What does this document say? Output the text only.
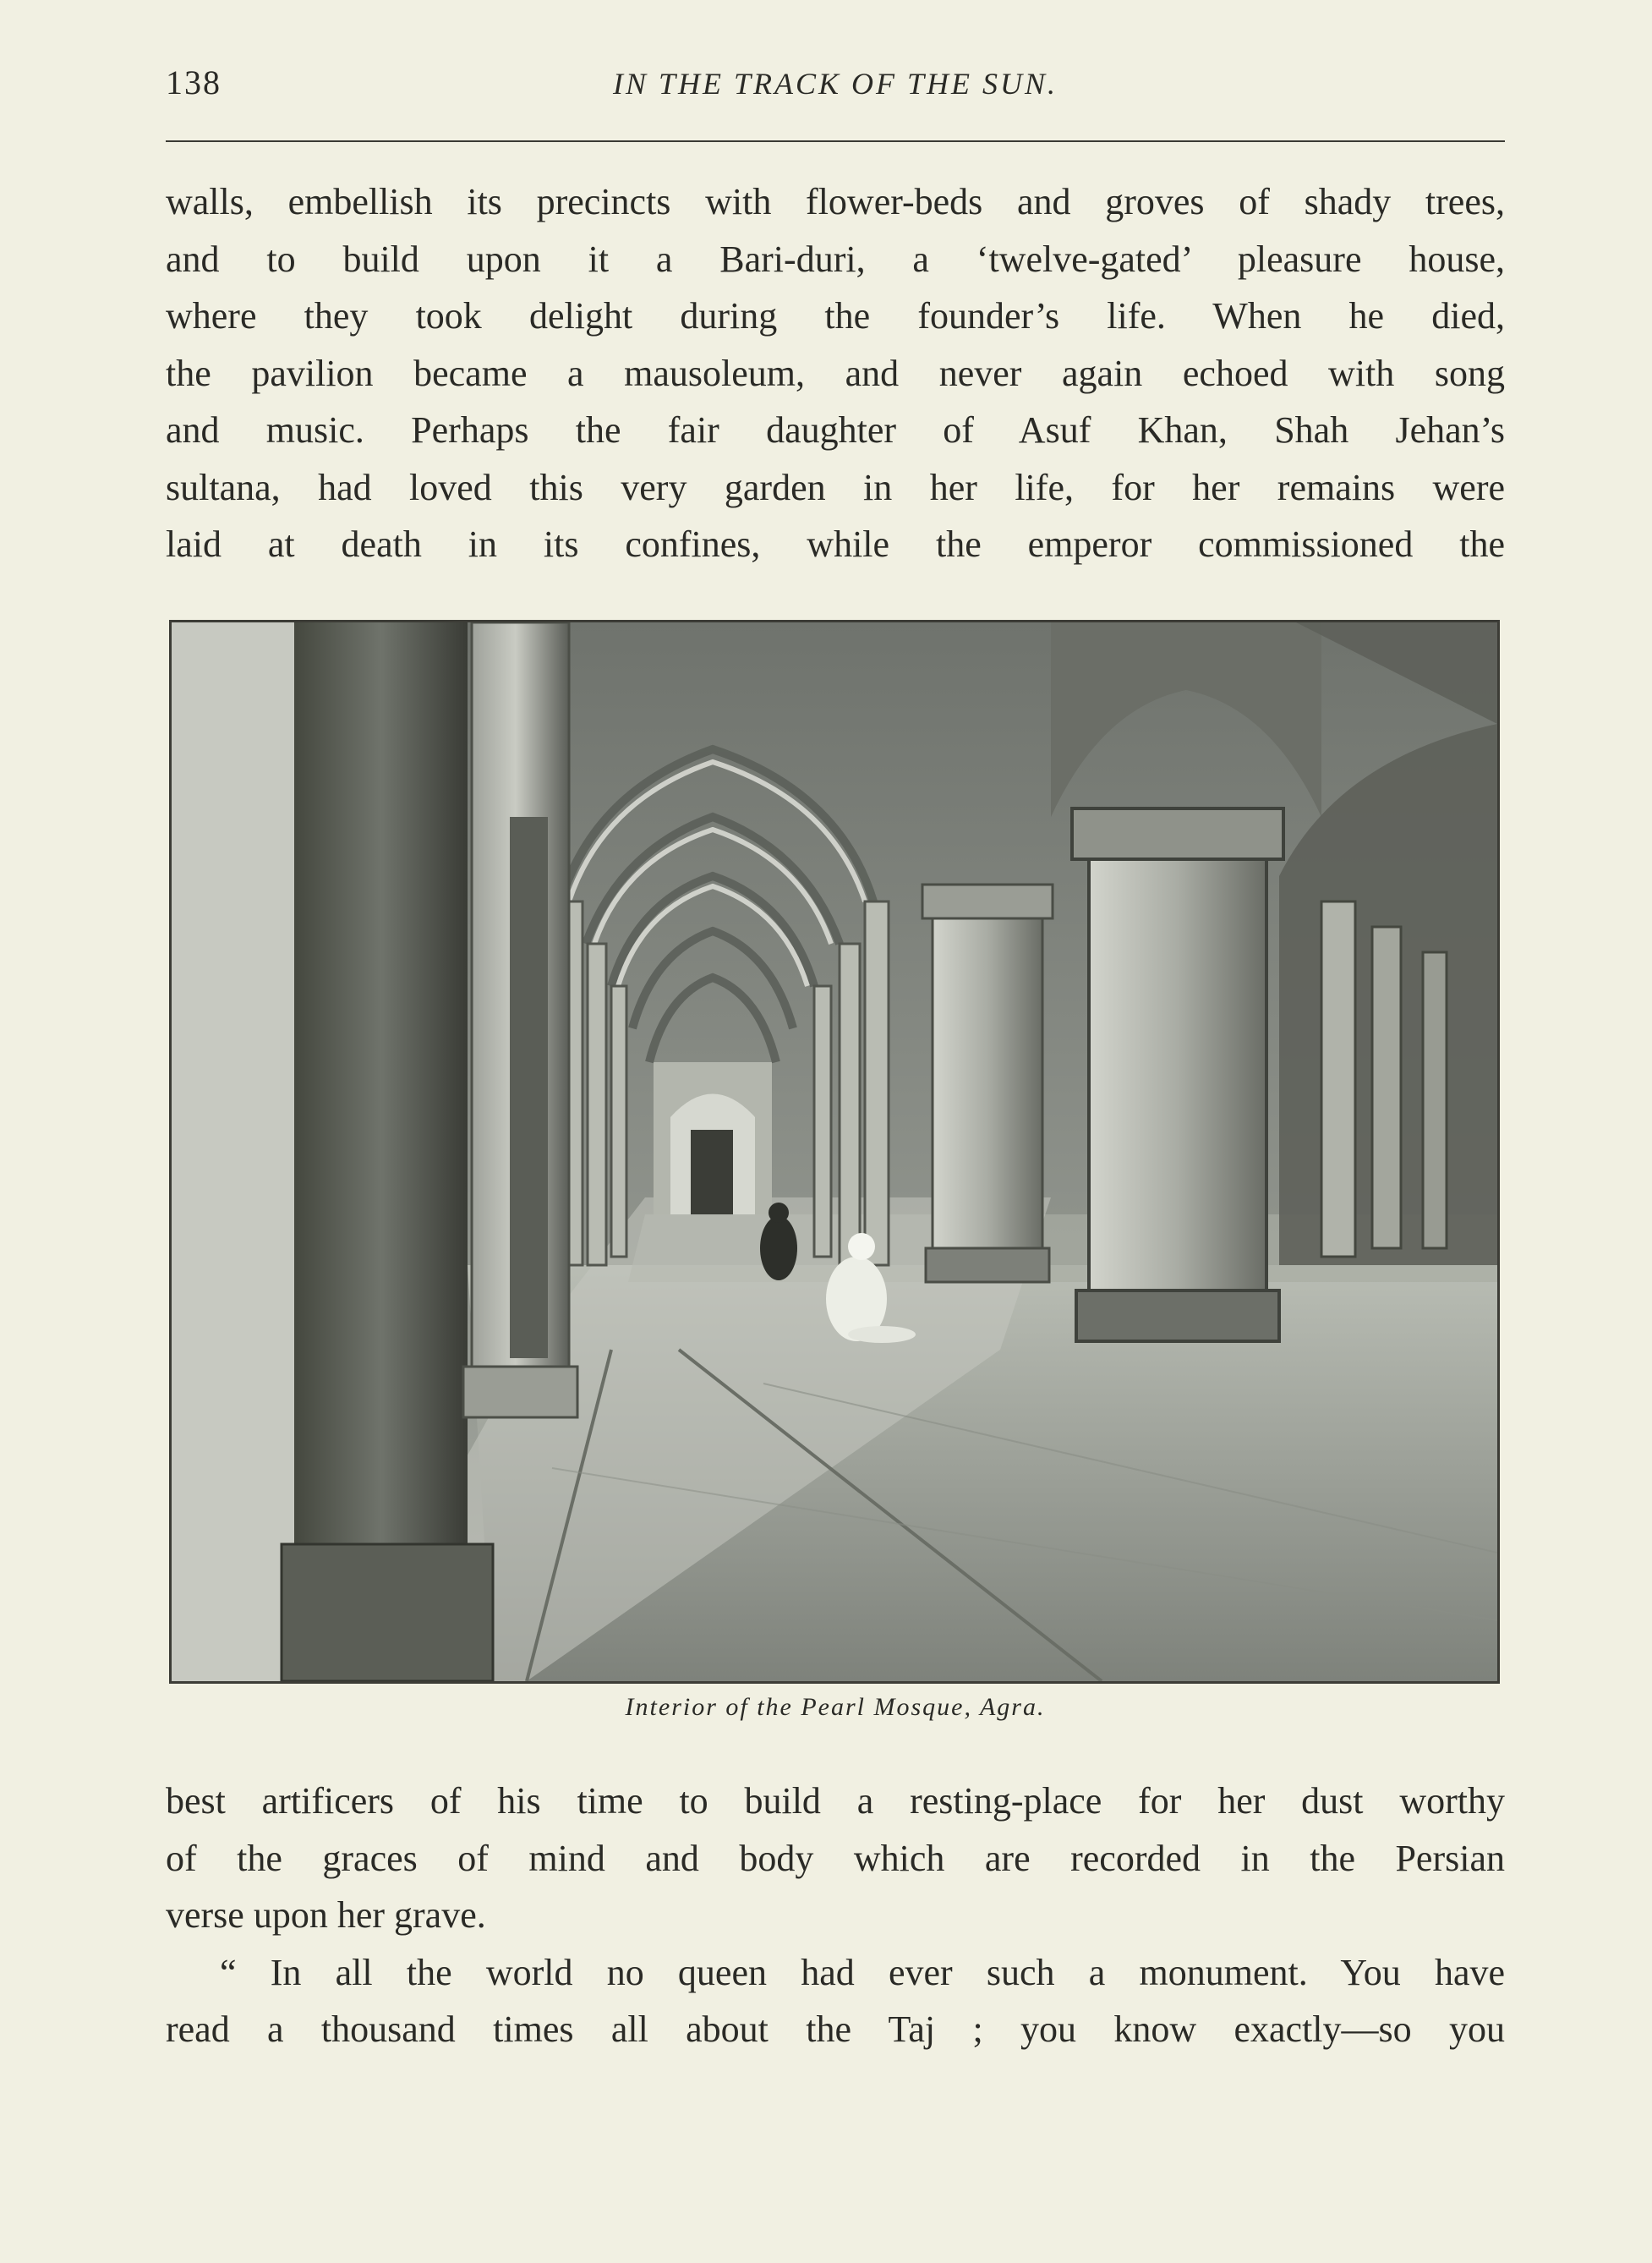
138	IN THE TRACK OF THE SUN.

walls, embellish its precincts with flower-beds and groves of shady trees,
and to build upon it a Bari-duri, a ‘twelve-gated’ pleasure house,
where they took delight during the founder’s life. When he died,
the pavilion became a mausoleum, and never again echoed with song
and music. Perhaps the fair daughter of Asuf Khan, Shah Jehan’s
sultana, had loved this very garden in her life, for her remains were
laid at death in its confines, while the emperor commissioned the

Interior of the Pearl Mosque, Agra.

best artificers of his time to build a resting-place for her dust worthy
of the graces of mind and body which are recorded in the Persian
verse upon her grave.

“ In all the world no queen had ever such a monument. You have
read a thousand times all about the Taj ; you know exactly—so you
